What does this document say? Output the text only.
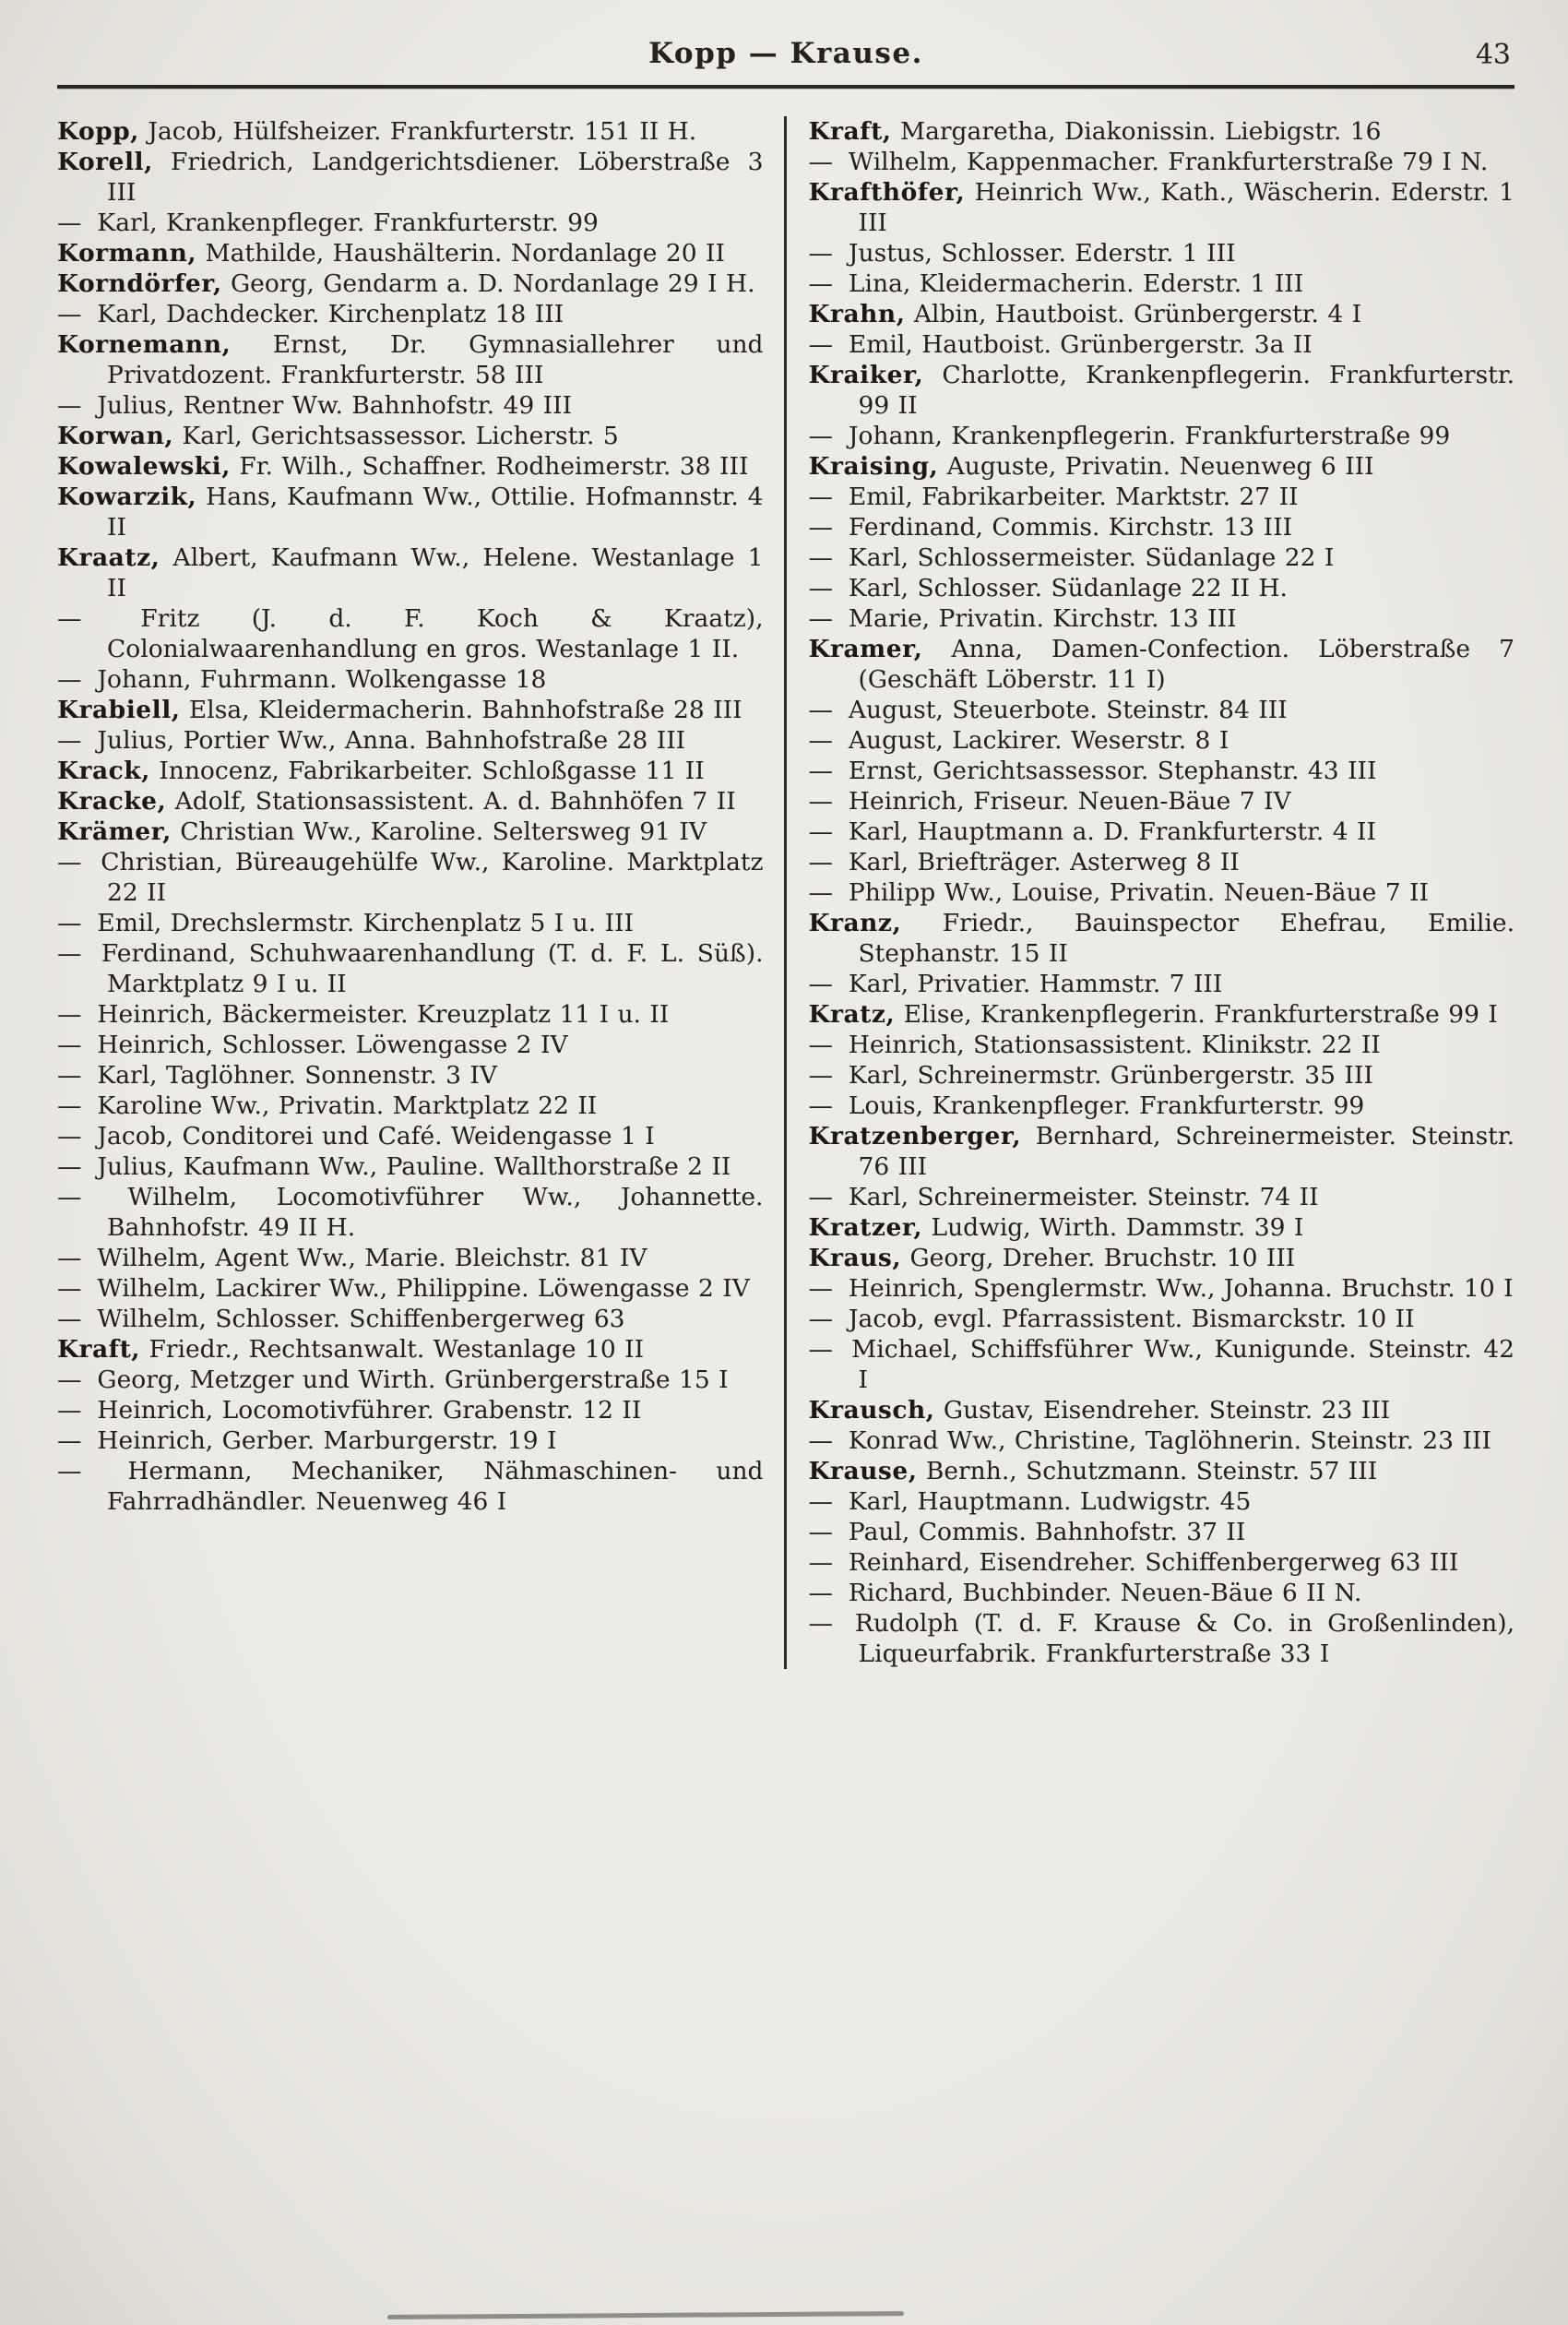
Kopp — Krause.	43

Kopp, Jacob, Hülfsheizer. Frankfurterstr. 151 II H.

Korell, Friedrich, Landgerichtsdiener. Löberstraße 3 III

— Karl, Krankenpfleger. Frankfurterstr. 99

Kormann, Mathilde, Haushälterin. Nordanlage 20 II

Korndörfer, Georg, Gendarm a. D. Nordanlage 29 I H.

— Karl, Dachdecker. Kirchenplatz 18 III

Kornemann, Ernst, Dr. Gymnasiallehrer und Privatdozent. Frankfurterstr. 58 III

— Julius, Rentner Ww. Bahnhofstr. 49 III

Korwan, Karl, Gerichtsassessor. Licherstr. 5

Kowalewski, Fr. Wilh., Schaffner. Rodheimerstr. 38 III

Kowarzik, Hans, Kaufmann Ww., Ottilie. Hofmannstr. 4 II

Kraatz, Albert, Kaufmann Ww., Helene. Westanlage 1 II

— Fritz (J. d. F. Koch & Kraatz), Colonialwaarenhandlung en gros. Westanlage 1 II.

— Johann, Fuhrmann. Wolkengasse 18

Krabiell, Elsa, Kleidermacherin. Bahnhofstraße 28 III

— Julius, Portier Ww., Anna. Bahnhofstraße 28 III

Krack, Innocenz, Fabrikarbeiter. Schloßgasse 11 II

Kracke, Adolf, Stationsassistent. A. d. Bahnhöfen 7 II

Krämer, Christian Ww., Karoline. Seltersweg 91 IV

— Christian, Büreaugehülfe Ww., Karoline. Marktplatz 22 II

— Emil, Drechslermstr. Kirchenplatz 5 I u. III

— Ferdinand, Schuhwaarenhandlung (T. d. F. L. Süß). Marktplatz 9 I u. II

— Heinrich, Bäckermeister. Kreuzplatz 11 I u. II

— Heinrich, Schlosser. Löwengasse 2 IV

— Karl, Taglöhner. Sonnenstr. 3 IV

— Karoline Ww., Privatin. Marktplatz 22 II

— Jacob, Conditorei und Café. Weidengasse 1 I

— Julius, Kaufmann Ww., Pauline. Wallthorstraße 2 II

— Wilhelm, Locomotivführer Ww., Johannette. Bahnhofstr. 49 II H.

— Wilhelm, Agent Ww., Marie. Bleichstr. 81 IV

— Wilhelm, Lackirer Ww., Philippine. Löwengasse 2 IV

— Wilhelm, Schlosser. Schiffenbergerweg 63

Kraft, Friedr., Rechtsanwalt. Westanlage 10 II

— Georg, Metzger und Wirth. Grünbergerstraße 15 I

— Heinrich, Locomotivführer. Grabenstr. 12 II

— Heinrich, Gerber. Marburgerstr. 19 I

— Hermann, Mechaniker, Nähmaschinen- und Fahrradhändler. Neuenweg 46 I

Kraft, Margaretha, Diakonissin. Liebigstr. 16

— Wilhelm, Kappenmacher. Frankfurterstraße 79 I N.

Krafthöfer, Heinrich Ww., Kath., Wäscherin. Ederstr. 1 III

— Justus, Schlosser. Ederstr. 1 III

— Lina, Kleidermacherin. Ederstr. 1 III

Krahn, Albin, Hautboist. Grünbergerstr. 4 I

— Emil, Hautboist. Grünbergerstr. 3a II

Kraiker, Charlotte, Krankenpflegerin. Frankfurterstr. 99 II

— Johann, Krankenpflegerin. Frankfurterstraße 99

Kraising, Auguste, Privatin. Neuenweg 6 III

— Emil, Fabrikarbeiter. Marktstr. 27 II

— Ferdinand, Commis. Kirchstr. 13 III

— Karl, Schlossermeister. Südanlage 22 I

— Karl, Schlosser. Südanlage 22 II H.

— Marie, Privatin. Kirchstr. 13 III

Kramer, Anna, Damen-Confection. Löberstraße 7 (Geschäft Löberstr. 11 I)

— August, Steuerbote. Steinstr. 84 III

— August, Lackirer. Weserstr. 8 I

— Ernst, Gerichtsassessor. Stephanstr. 43 III

— Heinrich, Friseur. Neuen-Bäue 7 IV

— Karl, Hauptmann a. D. Frankfurterstr. 4 II

— Karl, Briefträger. Asterweg 8 II

— Philipp Ww., Louise, Privatin. Neuen-Bäue 7 II

Kranz, Friedr., Bauinspector Ehefrau, Emilie. Stephanstr. 15 II

— Karl, Privatier. Hammstr. 7 III

Kratz, Elise, Krankenpflegerin. Frankfurterstraße 99 I

— Heinrich, Stationsassistent. Klinikstr. 22 II

— Karl, Schreinermstr. Grünbergerstr. 35 III

— Louis, Krankenpfleger. Frankfurterstr. 99

Kratzenberger, Bernhard, Schreinermeister. Steinstr. 76 III

— Karl, Schreinermeister. Steinstr. 74 II

Kratzer, Ludwig, Wirth. Dammstr. 39 I

Kraus, Georg, Dreher. Bruchstr. 10 III

— Heinrich, Spenglermstr. Ww., Johanna. Bruchstr. 10 I

— Jacob, evgl. Pfarrassistent. Bismarckstr. 10 II

— Michael, Schiffsführer Ww., Kunigunde. Steinstr. 42 I

Krausch, Gustav, Eisendreher. Steinstr. 23 III

— Konrad Ww., Christine, Taglöhnerin. Steinstr. 23 III

Krause, Bernh., Schutzmann. Steinstr. 57 III

— Karl, Hauptmann. Ludwigstr. 45

— Paul, Commis. Bahnhofstr. 37 II

— Reinhard, Eisendreher. Schiffenbergerweg 63 III

— Richard, Buchbinder. Neuen-Bäue 6 II N.

— Rudolph (T. d. F. Krause & Co. in Großenlinden), Liqueurfabrik. Frankfurterstraße 33 I
